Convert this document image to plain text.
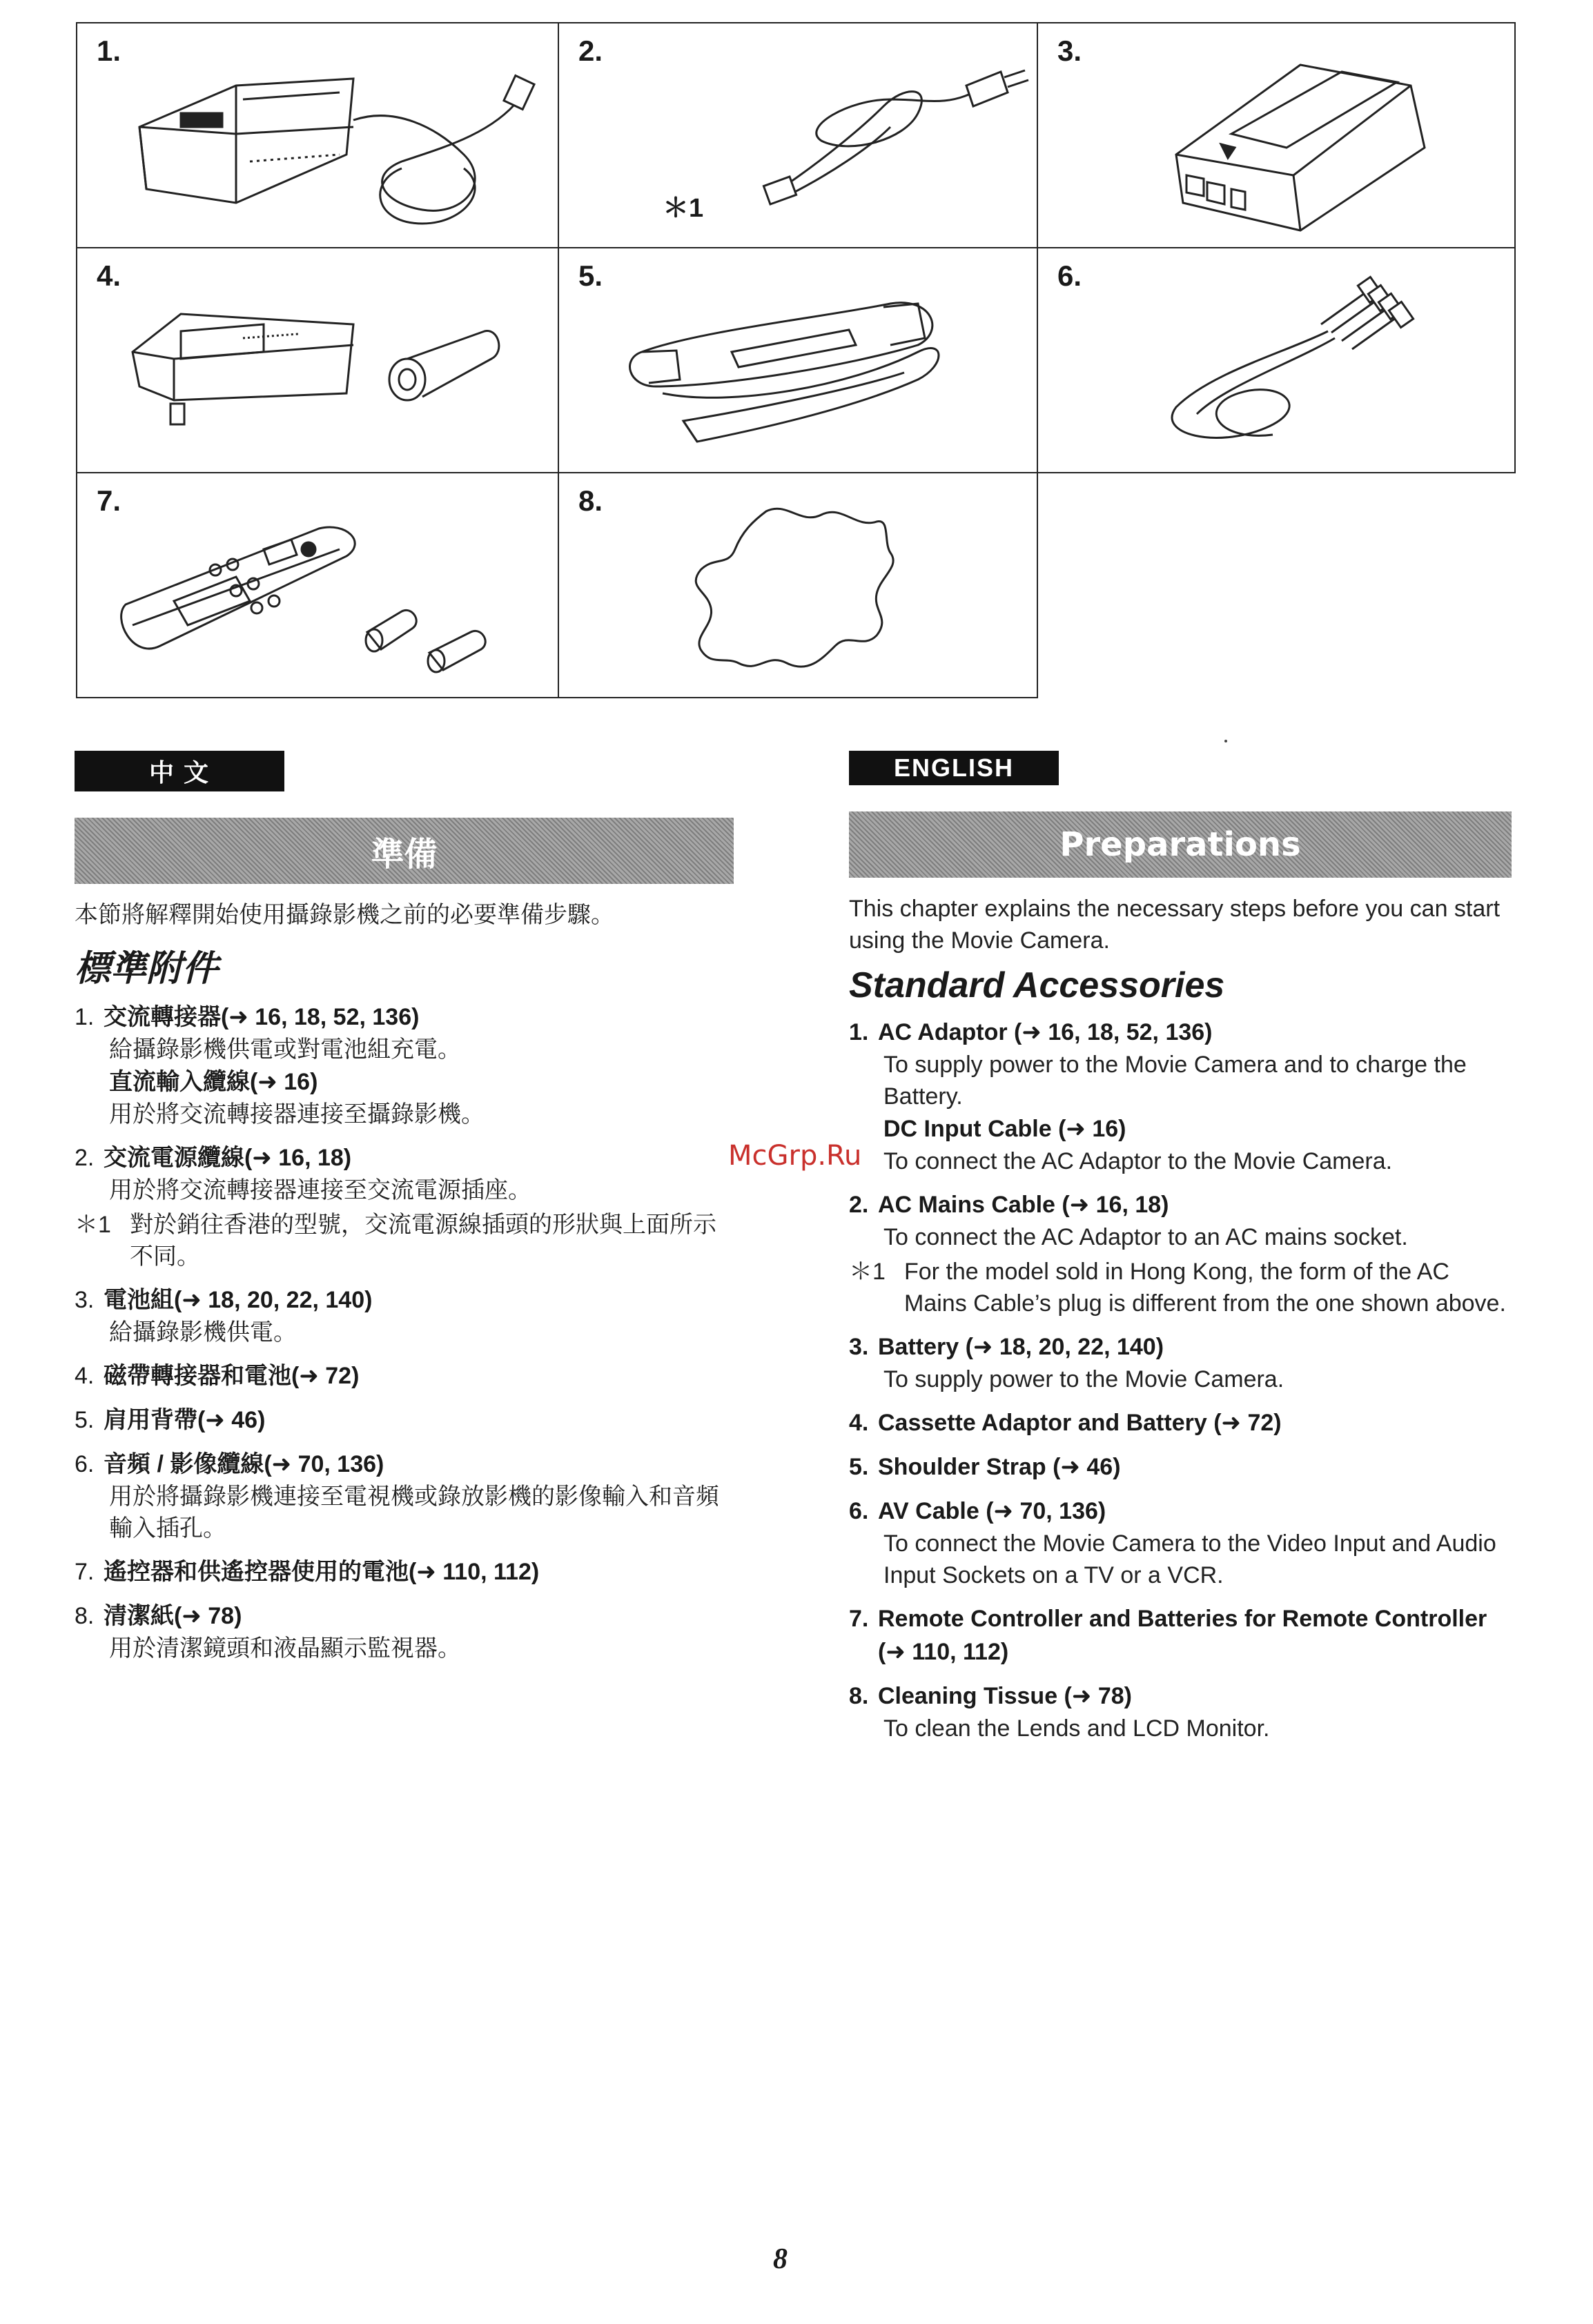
1.	2.
＊1
3.
4.	5.	6.
7.	8.
中 文
準備
本節將解釋開始使用攝錄影機之前的必要準備步驟。
標準附件
1. 交流轉接器(➜ 16, 18, 52, 136)
給攝錄影機供電或對電池組充電。
直流輸入纜線(➜ 16)
用於將交流轉接器連接至攝錄影機。
2. 交流電源纜線(➜ 16, 18)
用於將交流轉接器連接至交流電源插座。
＊1 對於銷往香港的型號，交流電源線插頭的形狀與上面所示不同。
3. 電池組(➜ 18, 20, 22, 140)
給攝錄影機供電。
4. 磁帶轉接器和電池(➜ 72)
5. 肩用背帶(➜ 46)
6. 音頻 / 影像纜線(➜ 70, 136)
用於將攝錄影機連接至電視機或錄放影機的影像輸入和音頻輸入插孔。
7. 遙控器和供遙控器使用的電池(➜ 110, 112)
8. 清潔紙(➜ 78)
用於清潔鏡頭和液晶顯示監視器。
ENGLISH
Preparations
This chapter explains the necessary steps before you can start using the Movie Camera.
Standard Accessories
1. AC Adaptor (➜ 16, 18, 52, 136)
To supply power to the Movie Camera and to charge the Battery.
DC Input Cable (➜ 16)
To connect the AC Adaptor to the Movie Camera.
2. AC Mains Cable (➜ 16, 18)
To connect the AC Adaptor to an AC mains socket.
＊1 For the model sold in Hong Kong, the form of the AC Mains Cable’s plug is different from the one shown above.
3. Battery (➜ 18, 20, 22, 140)
To supply power to the Movie Camera.
4. Cassette Adaptor and Battery (➜ 72)
5. Shoulder Strap (➜ 46)
6. AV Cable (➜ 70, 136)
To connect the Movie Camera to the Video Input and Audio Input Sockets on a TV or a VCR.
7. Remote Controller and Batteries for Remote Controller (➜ 110, 112)
8. Cleaning Tissue (➜ 78)
To clean the Lends and LCD Monitor.
McGrp.Ru
8
